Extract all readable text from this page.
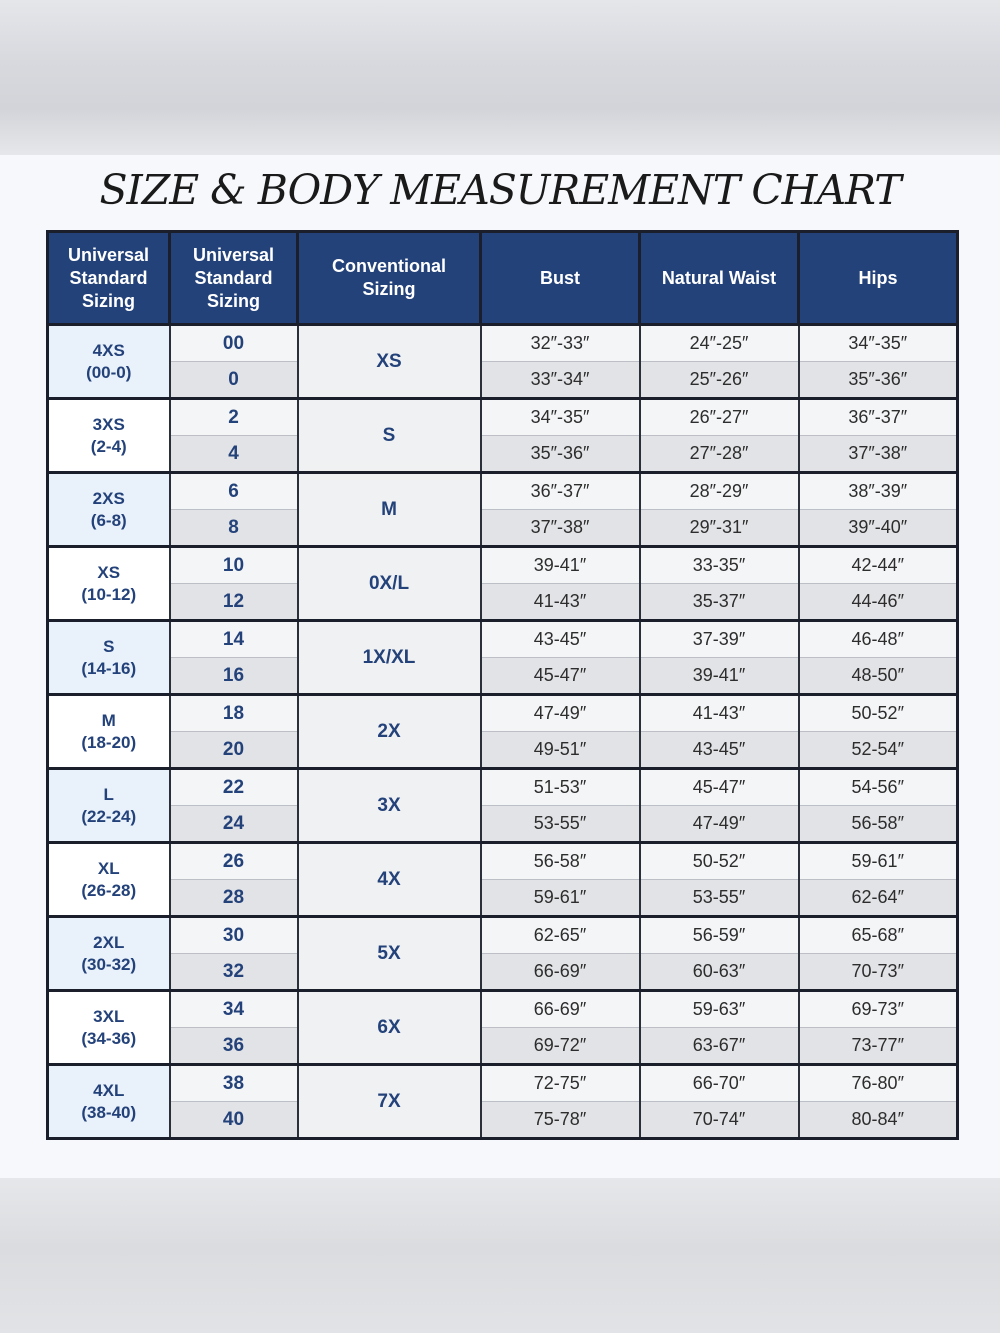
SIZE & BODY MEASUREMENT CHART
Universal Standard Sizing	Universal Standard Sizing	Conventional Sizing	Bust	Natural Waist	Hips

4XS
(00-0)	00	XS	32″-33″	24″-25″	34″-35″
	0		33″-34″	25″-26″	35″-36″

3XS
(2-4)	2	S	34″-35″	26″-27″	36″-37″
	4		35″-36″	27″-28″	37″-38″

2XS
(6-8)	6	M	36″-37″	28″-29″	38″-39″
	8		37″-38″	29″-31″	39″-40″

XS
(10-12)	10	0X/L	39-41″	33-35″	42-44″
	12		41-43″	35-37″	44-46″

S
(14-16)	14	1X/XL	43-45″	37-39″	46-48″
	16		45-47″	39-41″	48-50″

M
(18-20)	18	2X	47-49″	41-43″	50-52″
	20		49-51″	43-45″	52-54″

L
(22-24)	22	3X	51-53″	45-47″	54-56″
	24		53-55″	47-49″	56-58″

XL
(26-28)	26	4X	56-58″	50-52″	59-61″
	28		59-61″	53-55″	62-64″

2XL
(30-32)	30	5X	62-65″	56-59″	65-68″
	32		66-69″	60-63″	70-73″

3XL
(34-36)	34	6X	66-69″	59-63″	69-73″
	36		69-72″	63-67″	73-77″

4XL
(38-40)	38	7X	72-75″	66-70″	76-80″
	40		75-78″	70-74″	80-84″
